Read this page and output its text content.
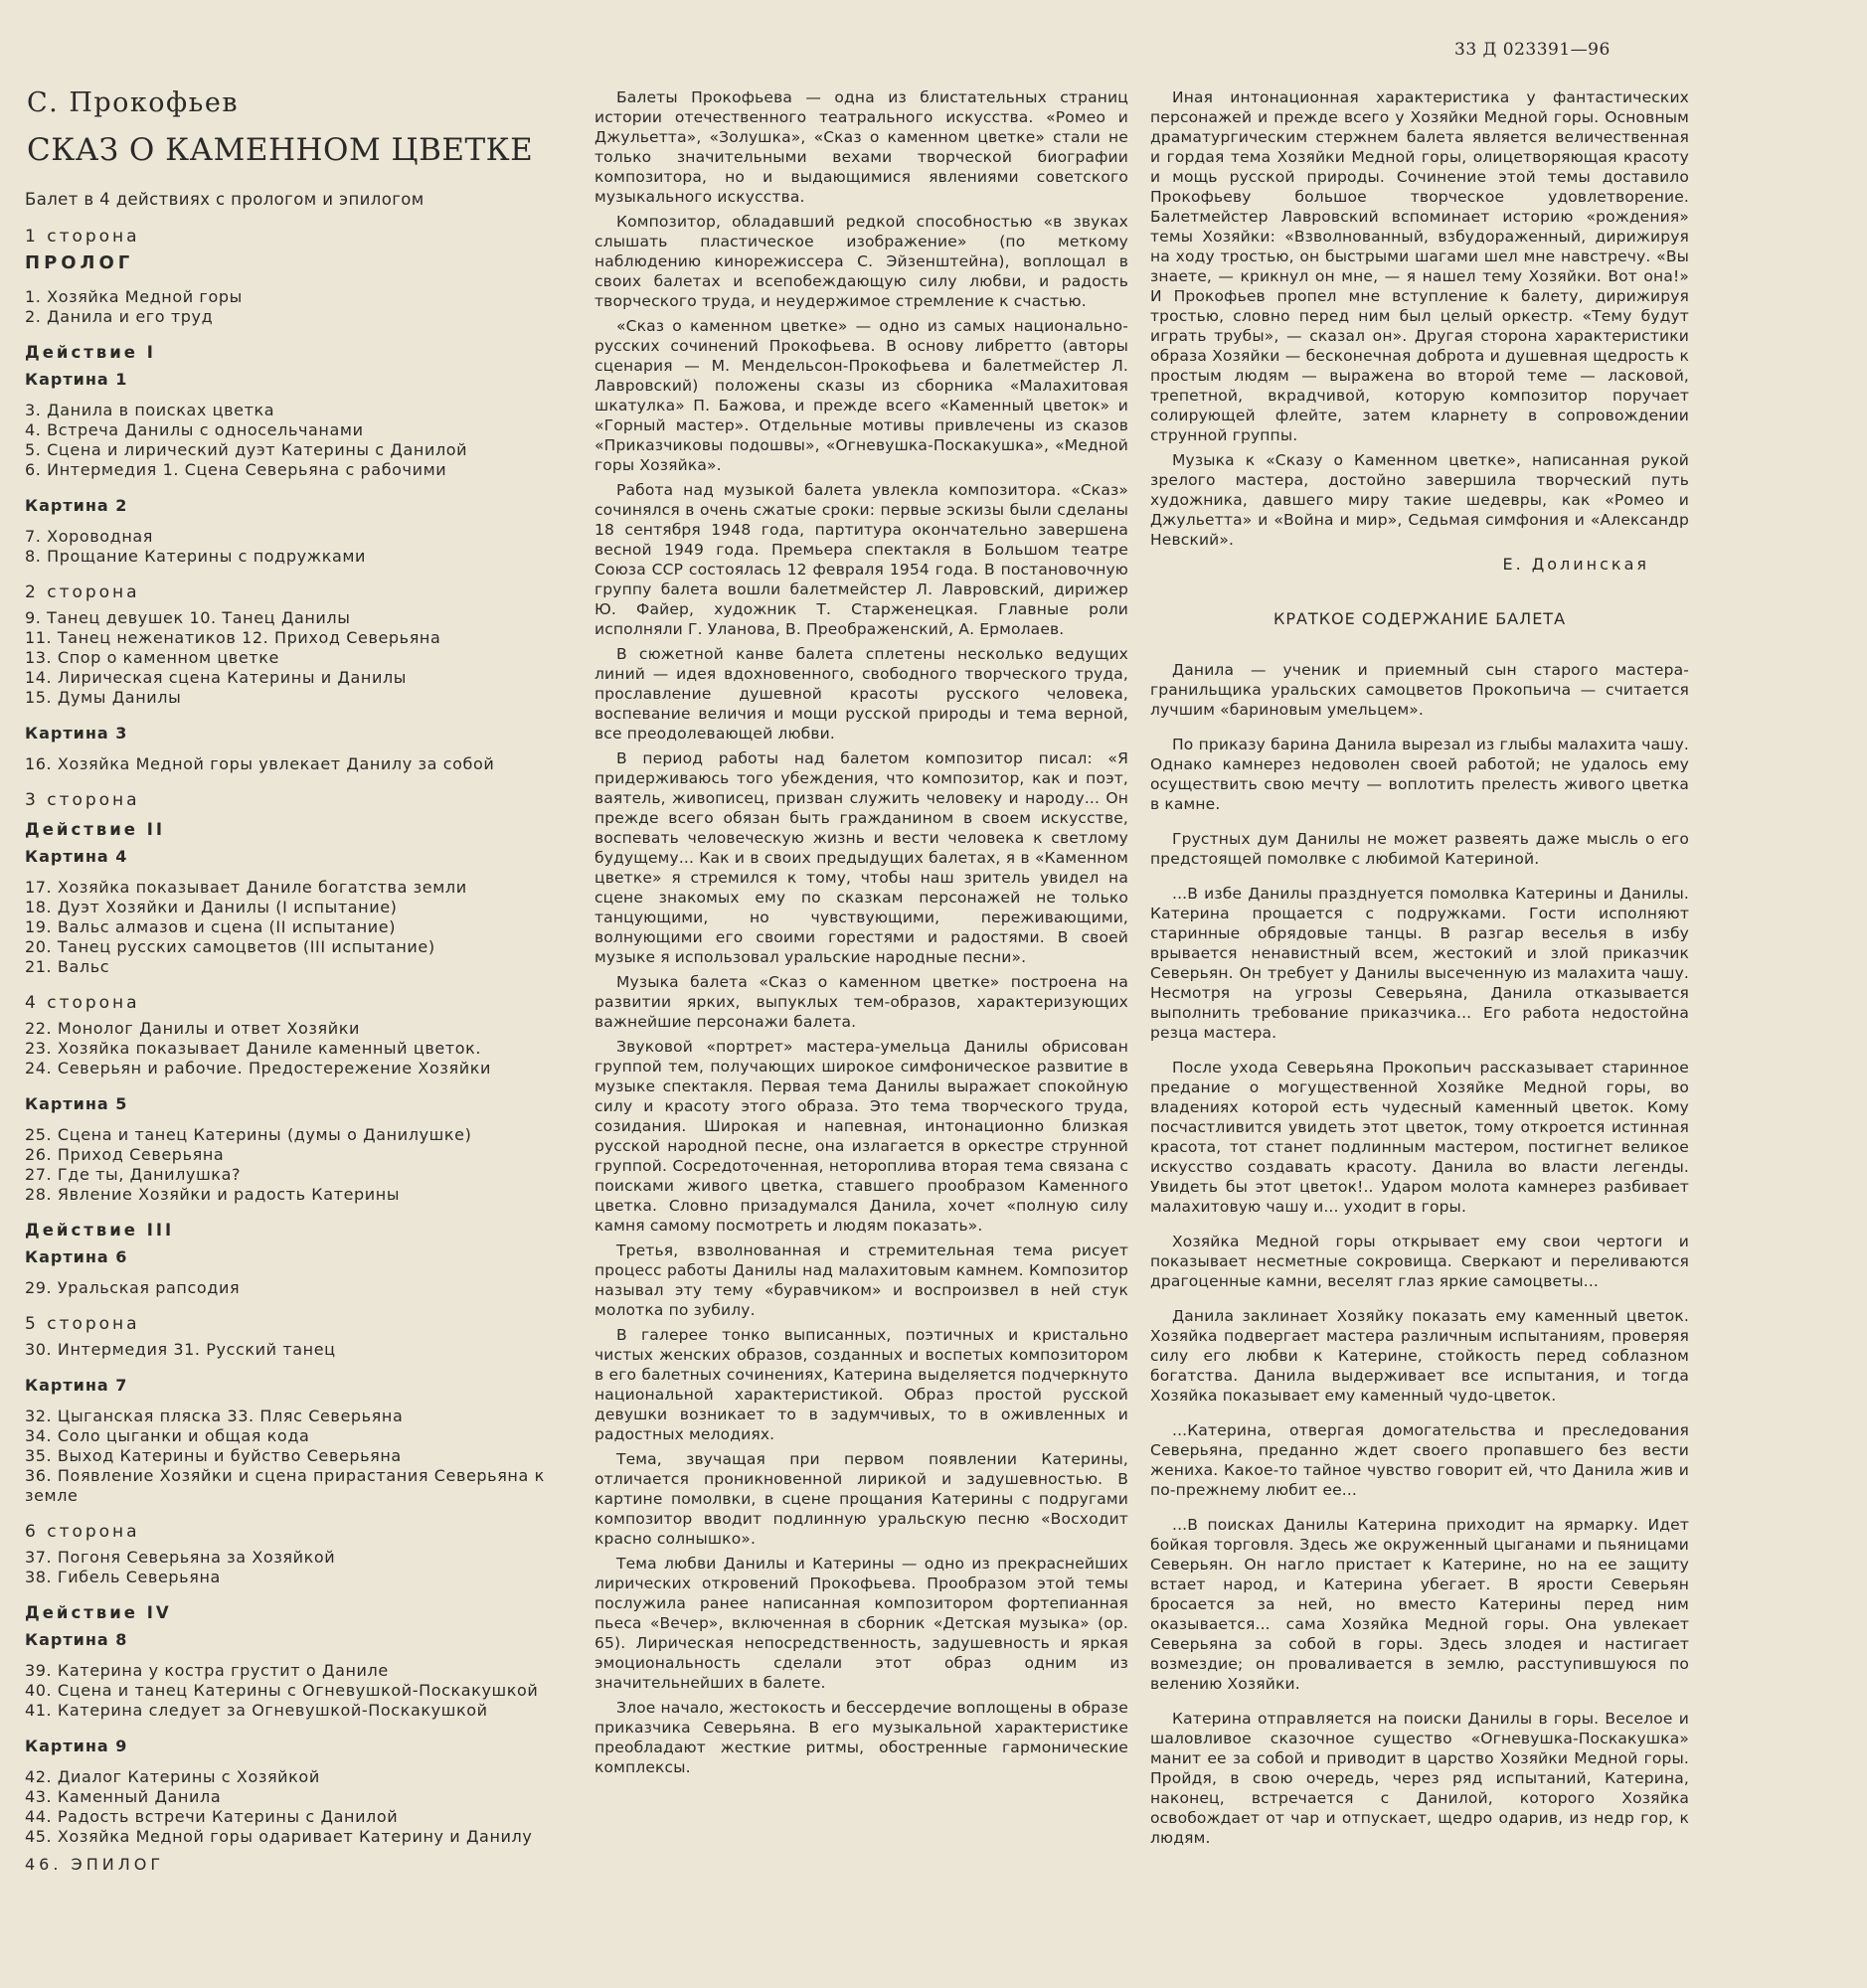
33 Д 023391—96
С. Прокофьев
СКАЗ О КАМЕННОМ ЦВЕТКЕ
Балет в 4 действиях с прологом и эпилогом
1 сторона
ПРОЛОГ
1. Хозяйка Медной горы
2. Данила и его труд
Действие I
Картина 1
3. Данила в поисках цветка
4. Встреча Данилы с односельчанами
5. Сцена и лирический дуэт Катерины с Данилой
6. Интермедия 1. Сцена Северьяна с рабочими
Картина 2
7. Хороводная
8. Прощание Катерины с подружками
2 сторона
9. Танец девушек 10. Танец Данилы
11. Танец неженатиков 12. Приход Северьяна
13. Спор о каменном цветке
14. Лирическая сцена Катерины и Данилы
15. Думы Данилы
Картина 3
16. Хозяйка Медной горы увлекает Данилу за собой
3 сторона
Действие II
Картина 4
17. Хозяйка показывает Даниле богатства земли
18. Дуэт Хозяйки и Данилы (I испытание)
19. Вальс алмазов и сцена (II испытание)
20. Танец русских самоцветов (III испытание)
21. Вальс
4 сторона
22. Монолог Данилы и ответ Хозяйки
23. Хозяйка показывает Даниле каменный цветок.
24. Северьян и рабочие. Предостережение Хозяйки
Картина 5
25. Сцена и танец Катерины (думы о Данилушке)
26. Приход Северьяна
27. Где ты, Данилушка?
28. Явление Хозяйки и радость Катерины
Действие III
Картина 6
29. Уральская рапсодия
5 сторона
30. Интермедия 31. Русский танец
Картина 7
32. Цыганская пляска 33. Пляс Северьяна
34. Соло цыганки и общая кода
35. Выход Катерины и буйство Северьяна
36. Появление Хозяйки и сцена прирастания Северьяна к земле
6 сторона
37. Погоня Северьяна за Хозяйкой
38. Гибель Северьяна
Действие IV
Картина 8
39. Катерина у костра грустит о Даниле
40. Сцена и танец Катерины с Огневушкой-Поскакушкой
41. Катерина следует за Огневушкой-Поскакушкой
Картина 9
42. Диалог Катерины с Хозяйкой
43. Каменный Данила
44. Радость встречи Катерины с Данилой
45. Хозяйка Медной горы одаривает Катерину и Данилу
46. ЭПИЛОГ

Балеты Прокофьева — одна из блистательных страниц истории отечественного театрального искусства. «Ромео и Джульетта», «Золушка», «Сказ о каменном цветке» стали не только значительными вехами творческой биографии композитора, но и выдающимися явлениями советского музыкального искусства.

Композитор, обладавший редкой способностью «в звуках слышать пластическое изображение» (по меткому наблюдению кинорежиссера С. Эйзенштейна), воплощал в своих балетах и всепобеждающую силу любви, и радость творческого труда, и неудержимое стремление к счастью.

«Сказ о каменном цветке» — одно из самых национально-русских сочинений Прокофьева. В основу либретто (авторы сценария — М. Мендельсон-Прокофьева и балетмейстер Л. Лавровский) положены сказы из сборника «Малахитовая шкатулка» П. Бажова, и прежде всего «Каменный цветок» и «Горный мастер». Отдельные мотивы привлечены из сказов «Приказчиковы подошвы», «Огневушка-Поскакушка», «Медной горы Хозяйка».

Работа над музыкой балета увлекла композитора. «Сказ» сочинялся в очень сжатые сроки: первые эскизы были сделаны 18 сентября 1948 года, партитура окончательно завершена весной 1949 года. Премьера спектакля в Большом театре Союза ССР состоялась 12 февраля 1954 года. В постановочную группу балета вошли балетмейстер Л. Лавровский, дирижер Ю. Файер, художник Т. Старженецкая. Главные роли исполняли Г. Уланова, В. Преображенский, А. Ермолаев.

В сюжетной канве балета сплетены несколько ведущих линий — идея вдохновенного, свободного творческого труда, прославление душевной красоты русского человека, воспевание величия и мощи русской природы и тема верной, все преодолевающей любви.

В период работы над балетом композитор писал: «Я придерживаюсь того убеждения, что композитор, как и поэт, ваятель, живописец, призван служить человеку и народу... Он прежде всего обязан быть гражданином в своем искусстве, воспевать человеческую жизнь и вести человека к светлому будущему... Как и в своих предыдущих балетах, я в «Каменном цветке» я стремился к тому, чтобы наш зритель увидел на сцене знакомых ему по сказкам персонажей не только танцующими, но чувствующими, переживающими, волнующими его своими горестями и радостями. В своей музыке я использовал уральские народные песни».

Музыка балета «Сказ о каменном цветке» построена на развитии ярких, выпуклых тем-образов, характеризующих важнейшие персонажи балета.

Звуковой «портрет» мастера-умельца Данилы обрисован группой тем, получающих широкое симфоническое развитие в музыке спектакля. Первая тема Данилы выражает спокойную силу и красоту этого образа. Это тема творческого труда, созидания. Широкая и напевная, интонационно близкая русской народной песне, она излагается в оркестре струнной группой. Сосредоточенная, нетороплива вторая тема связана с поисками живого цветка, ставшего прообразом Каменного цветка. Словно призадумался Данила, хочет «полную силу камня самому посмотреть и людям показать».

Третья, взволнованная и стремительная тема рисует процесс работы Данилы над малахитовым камнем. Композитор называл эту тему «буравчиком» и воспроизвел в ней стук молотка по зубилу.

В галерее тонко выписанных, поэтичных и кристально чистых женских образов, созданных и воспетых композитором в его балетных сочинениях, Катерина выделяется подчеркнуто национальной характеристикой. Образ простой русской девушки возникает то в задумчивых, то в оживленных и радостных мелодиях.

Тема, звучащая при первом появлении Катерины, отличается проникновенной лирикой и задушевностью. В картине помолвки, в сцене прощания Катерины с подругами композитор вводит подлинную уральскую песню «Восходит красно солнышко».

Тема любви Данилы и Катерины — одно из прекраснейших лирических откровений Прокофьева. Прообразом этой темы послужила ранее написанная композитором фортепианная пьеса «Вечер», включенная в сборник «Детская музыка» (ор. 65). Лирическая непосредственность, задушевность и яркая эмоциональность сделали этот образ одним из значительнейших в балете.

Злое начало, жестокость и бессердечие воплощены в образе приказчика Северьяна. В его музыкальной характеристике преобладают жесткие ритмы, обостренные гармонические комплексы.

Иная интонационная характеристика у фантастических персонажей и прежде всего у Хозяйки Медной горы. Основным драматургическим стержнем балета является величественная и гордая тема Хозяйки Медной горы, олицетворяющая красоту и мощь русской природы. Сочинение этой темы доставило Прокофьеву большое творческое удовлетворение. Балетмейстер Лавровский вспоминает историю «рождения» темы Хозяйки: «Взволнованный, взбудораженный, дирижируя на ходу тростью, он быстрыми шагами шел мне навстречу. «Вы знаете, — крикнул он мне, — я нашел тему Хозяйки. Вот она!» И Прокофьев пропел мне вступление к балету, дирижируя тростью, словно перед ним был целый оркестр. «Тему будут играть трубы», — сказал он». Другая сторона характеристики образа Хозяйки — бесконечная доброта и душевная щедрость к простым людям — выражена во второй теме — ласковой, трепетной, вкрадчивой, которую композитор поручает солирующей флейте, затем кларнету в сопровождении струнной группы.

Музыка к «Сказу о Каменном цветке», написанная рукой зрелого мастера, достойно завершила творческий путь художника, давшего миру такие шедевры, как «Ромео и Джульетта» и «Война и мир», Седьмая симфония и «Александр Невский».

Е. Долинская
КРАТКОЕ СОДЕРЖАНИЕ БАЛЕТА

Данила — ученик и приемный сын старого мастера-гранильщика уральских самоцветов Прокопьича — считается лучшим «бариновым умельцем».

По приказу барина Данила вырезал из глыбы малахита чашу. Однако камнерез недоволен своей работой; не удалось ему осуществить свою мечту — воплотить прелесть живого цветка в камне.

Грустных дум Данилы не может развеять даже мысль о его предстоящей помолвке с любимой Катериной.

...В избе Данилы празднуется помолвка Катерины и Данилы. Катерина прощается с подружками. Гости исполняют старинные обрядовые танцы. В разгар веселья в избу врывается ненавистный всем, жестокий и злой приказчик Северьян. Он требует у Данилы высеченную из малахита чашу. Несмотря на угрозы Северьяна, Данила отказывается выполнить требование приказчика... Его работа недостойна резца мастера.

После ухода Северьяна Прокопьич рассказывает старинное предание о могущественной Хозяйке Медной горы, во владениях которой есть чудесный каменный цветок. Кому посчастливится увидеть этот цветок, тому откроется истинная красота, тот станет подлинным мастером, постигнет великое искусство создавать красоту. Данила во власти легенды. Увидеть бы этот цветок!.. Ударом молота камнерез разбивает малахитовую чашу и... уходит в горы.

Хозяйка Медной горы открывает ему свои чертоги и показывает несметные сокровища. Сверкают и переливаются драгоценные камни, веселят глаз яркие самоцветы...

Данила заклинает Хозяйку показать ему каменный цветок. Хозяйка подвергает мастера различным испытаниям, проверяя силу его любви к Катерине, стойкость перед соблазном богатства. Данила выдерживает все испытания, и тогда Хозяйка показывает ему каменный чудо-цветок.

...Катерина, отвергая домогательства и преследования Северьяна, преданно ждет своего пропавшего без вести жениха. Какое-то тайное чувство говорит ей, что Данила жив и по-прежнему любит ее...

...В поисках Данилы Катерина приходит на ярмарку. Идет бойкая торговля. Здесь же окруженный цыганами и пьяницами Северьян. Он нагло пристает к Катерине, но на ее защиту встает народ, и Катерина убегает. В ярости Северьян бросается за ней, но вместо Катерины перед ним оказывается... сама Хозяйка Медной горы. Она увлекает Северьяна за собой в горы. Здесь злодея и настигает возмездие; он проваливается в землю, расступившуюся по велению Хозяйки.

Катерина отправляется на поиски Данилы в горы. Веселое и шаловливое сказочное существо «Огневушка-Поскакушка» манит ее за собой и приводит в царство Хозяйки Медной горы. Пройдя, в свою очередь, через ряд испытаний, Катерина, наконец, встречается с Данилой, которого Хозяйка освобождает от чар и отпускает, щедро одарив, из недр гор, к людям.
